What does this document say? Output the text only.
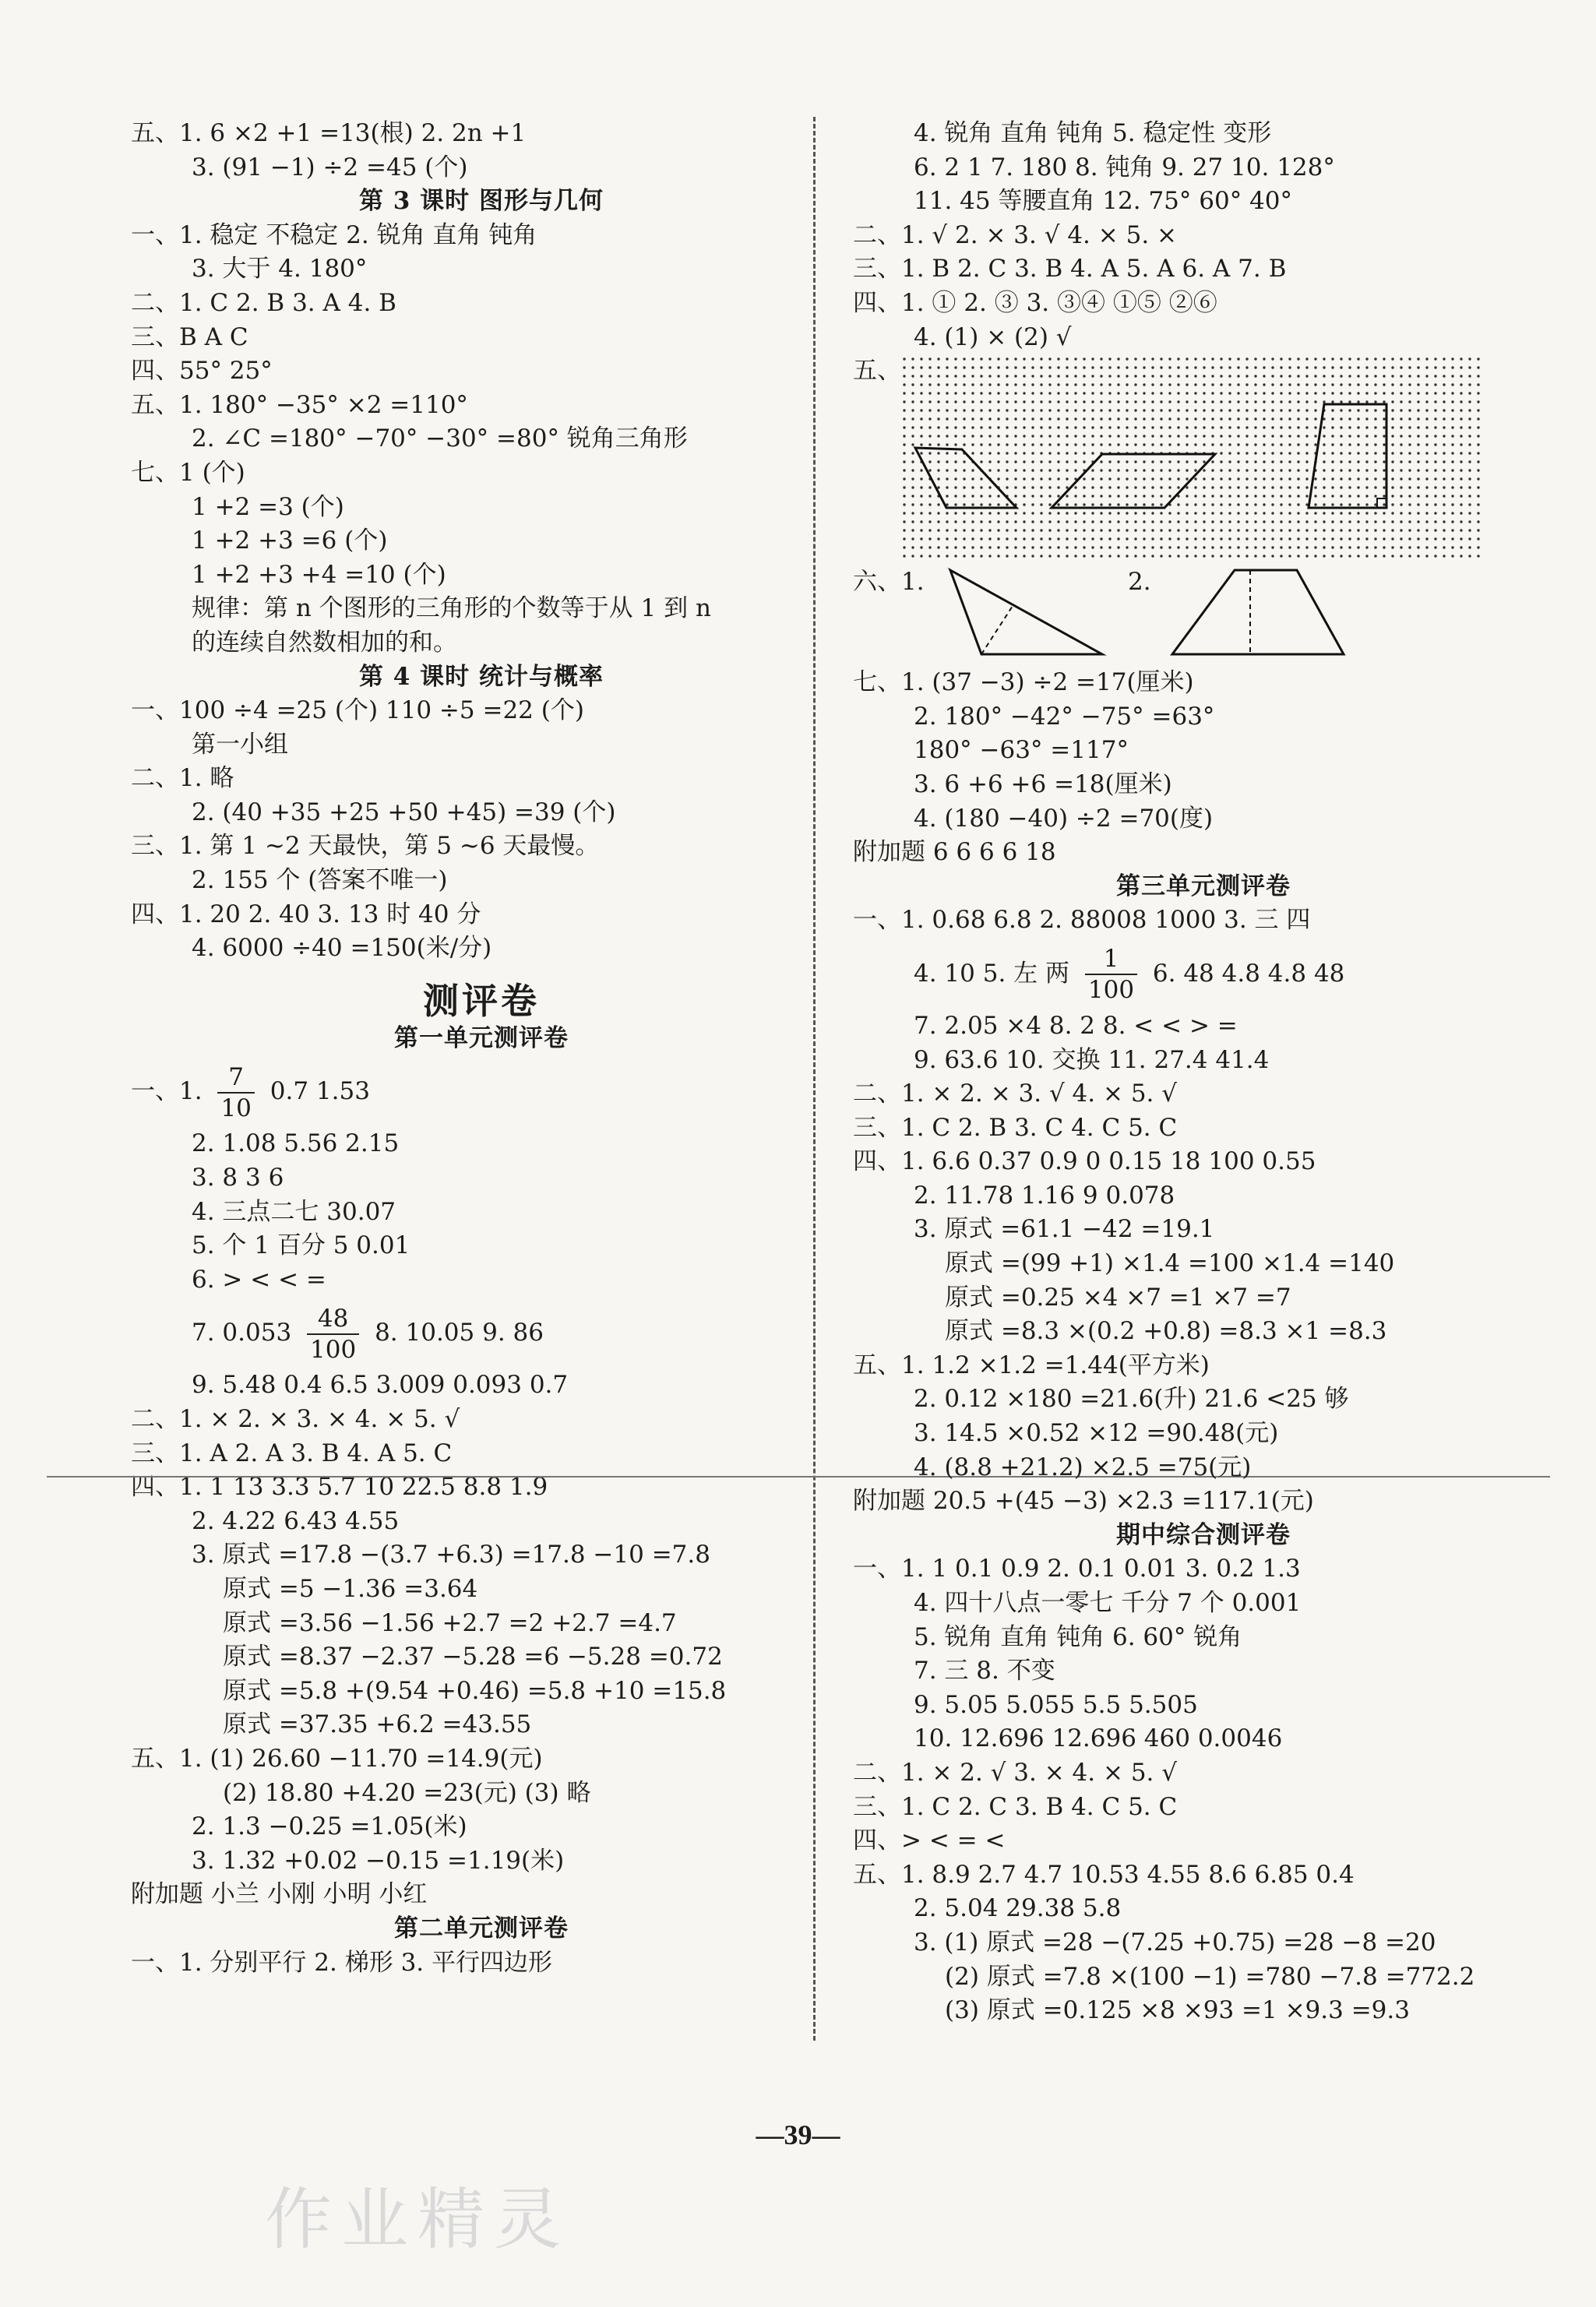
五、1. 6 ×2 +1 =13(根) 2. 2n +1
3. (91 −1) ÷2 =45 (个)
第 3 课时 图形与几何
一、1. 稳定 不稳定 2. 锐角 直角 钝角
3. 大于 4. 180°
二、1. C 2. B 3. A 4. B
三、B A C
四、55° 25°
五、1. 180° −35° ×2 =110°
2. ∠C =180° −70° −30° =80° 锐角三角形
七、1 (个)
1 +2 =3 (个)
1 +2 +3 =6 (个)
1 +2 +3 +4 =10 (个)
规律：第 n 个图形的三角形的个数等于从 1 到 n
的连续自然数相加的和。
第 4 课时 统计与概率
一、100 ÷4 =25 (个) 110 ÷5 =22 (个)
第一小组
二、1. 略
2. (40 +35 +25 +50 +45) =39 (个)
三、1. 第 1 ~2 天最快，第 5 ~6 天最慢。
2. 155 个 (答案不唯一)
四、1. 20 2. 40 3. 13 时 40 分
4. 6000 ÷40 =150(米/分)
测评卷
第一单元测评卷
一、1. $\frac{7}{10} 0.7$ 1.53
2. 1.08 5.56 2.15
3. 8 3 6
4. 三点二七 30.07
5. 个 1 百分 5 0.01
6. > < < =
7. $0.053 \frac{48}{100} 8$. 10.05 9. 86
9. 5.48 0.4 6.5 3.009 0.093 0.7
二、1. × 2. × 3. × 4. × 5. √
三、1. A 2. A 3. B 4. A 5. C
四、1. 1 13 3.3 5.7 10 22.5 8.8 1.9
2. 4.22 6.43 4.55
3. 原式 =17.8 −(3.7 +6.3) =17.8 −10 =7.8
原式 =5 −1.36 =3.64
原式 =3.56 −1.56 +2.7 =2 +2.7 =4.7
原式 =8.37 −2.37 −5.28 =6 −5.28 =0.72
原式 =5.8 +(9.54 +0.46) =5.8 +10 =15.8
原式 =37.35 +6.2 =43.55
五、1. (1) 26.60 −11.70 =14.9(元)
(2) 18.80 +4.20 =23(元) (3) 略
2. 1.3 −0.25 =1.05(米)
3. 1.32 +0.02 −0.15 =1.19(米)
附加题 小兰 小刚 小明 小红
第二单元测评卷
一、1. 分别平行 2. 梯形 3. 平行四边形
4. 锐角 直角 钝角 5. 稳定性 变形
6. 2 1 7. 180 8. 钝角 9. 27 10. 128°
11. 45 等腰直角 12. 75° 60° 40°
二、1. √ 2. × 3. √ 4. × 5. ×
三、1. B 2. C 3. B 4. A 5. A 6. A 7. B
四、1. ① 2. ③ 3. ③④ ①⑤ ②⑥
4. (1) × (2) √
五、
六、1.	2.
七、1. (37 −3) ÷2 =17(厘米)
2. 180° −42° −75° =63°
180° −63° =117°
3. 6 +6 +6 =18(厘米)
4. (180 −40) ÷2 =70(度)
附加题 6 6 6 6 18
第三单元测评卷
一、1. 0.68 6.8 2. 88008 1000 3. 三 四
4. 10 5. 左 两 $\frac{1}{100} 6$. 48 4.8 4.8 48
7. 2.05 ×4 8. 2 8. < < > =
9. 63.6 10. 交换 11. 27.4 41.4
二、1. × 2. × 3. √ 4. × 5. √
三、1. C 2. B 3. C 4. C 5. C
四、1. 6.6 0.37 0.9 0 0.15 18 100 0.55
2. 11.78 1.16 9 0.078
3. 原式 =61.1 −42 =19.1
原式 =(99 +1) ×1.4 =100 ×1.4 =140
原式 =0.25 ×4 ×7 =1 ×7 =7
原式 =8.3 ×(0.2 +0.8) =8.3 ×1 =8.3
五、1. 1.2 ×1.2 =1.44(平方米)
2. 0.12 ×180 =21.6(升) 21.6 <25 够
3. 14.5 ×0.52 ×12 =90.48(元)
4. (8.8 +21.2) ×2.5 =75(元)
附加题 20.5 +(45 −3) ×2.3 =117.1(元)
期中综合测评卷
一、1. 1 0.1 0.9 2. 0.1 0.01 3. 0.2 1.3
4. 四十八点一零七 千分 7 个 0.001
5. 锐角 直角 钝角 6. 60° 锐角
7. 三 8. 不变
9. 5.05 5.055 5.5 5.505
10. 12.696 12.696 460 0.0046
二、1. × 2. √ 3. × 4. × 5. √
三、1. C 2. C 3. B 4. C 5. C
四、> < = <
五、1. 8.9 2.7 4.7 10.53 4.55 8.6 6.85 0.4
2. 5.04 29.38 5.8
3. (1) 原式 =28 −(7.25 +0.75) =28 −8 =20
(2) 原式 =7.8 ×(100 −1) =780 −7.8 =772.2
(3) 原式 =0.125 ×8 ×93 =1 ×9.3 =9.3
—39—
作业精灵
